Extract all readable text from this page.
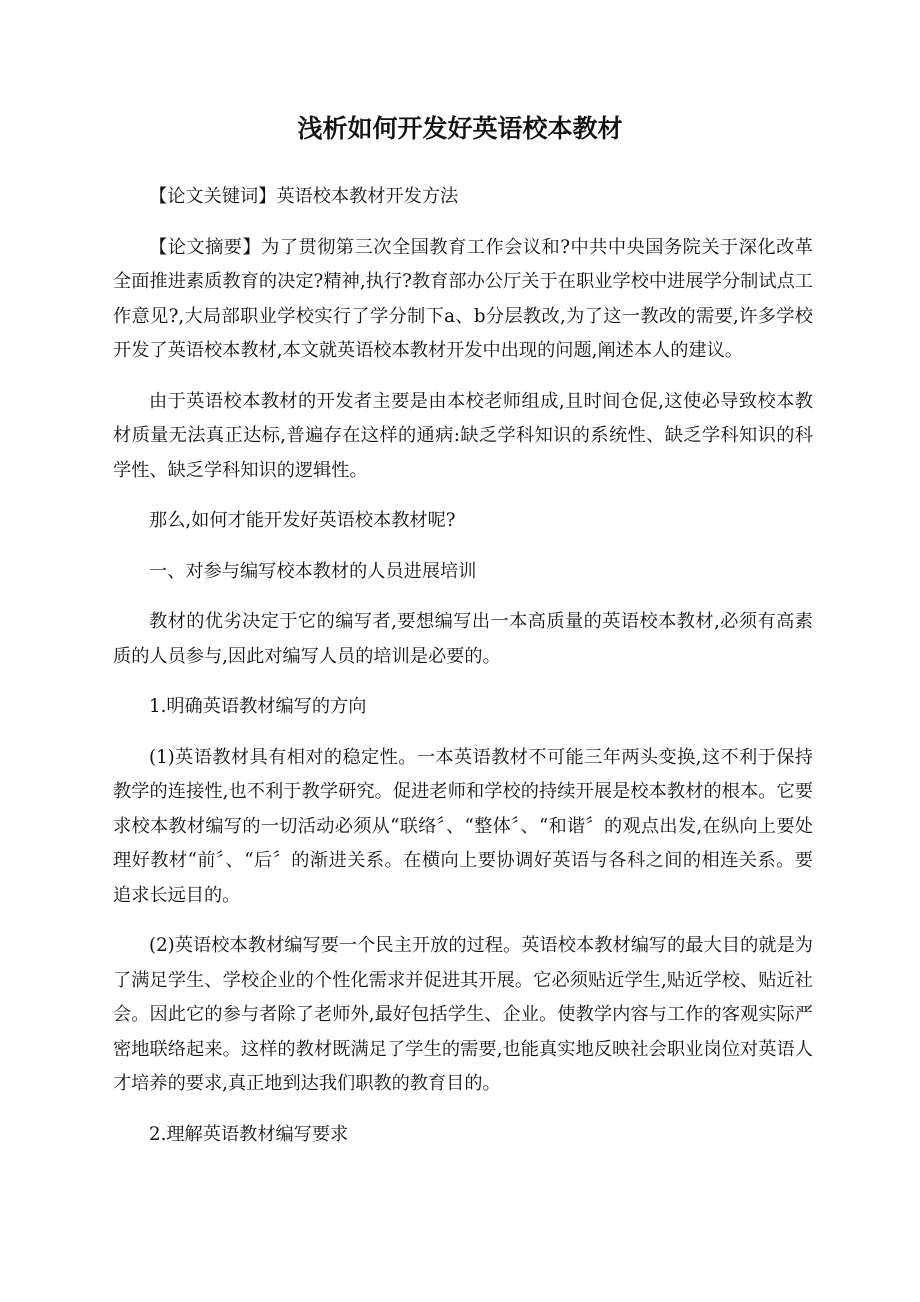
浅析如何开发好英语校本教材

【论文关键词】英语校本教材开发方法

【论文摘要】为了贯彻第三次全国教育工作会议和?中共中央国务院关于深化改革全面推进素质教育的决定?精神,执行?教育部办公厅关于在职业学校中进展学分制试点工作意见?,大局部职业学校实行了学分制下a、b分层教改,为了这一教改的需要,许多学校开发了英语校本教材,本文就英语校本教材开发中出现的问题,阐述本人的建议。

由于英语校本教材的开发者主要是由本校老师组成,且时间仓促,这使必导致校本教材质量无法真正达标,普遍存在这样的通病:缺乏学科知识的系统性、缺乏学科知识的科学性、缺乏学科知识的逻辑性。

那么,如何才能开发好英语校本教材呢?

一、对参与编写校本教材的人员进展培训

教材的优劣决定于它的编写者,要想编写出一本高质量的英语校本教材,必须有高素质的人员参与,因此对编写人员的培训是必要的。

1.明确英语教材编写的方向

(1)英语教材具有相对的稳定性。一本英语教材不可能三年两头变换,这不利于保持教学的连接性,也不利于教学研究。促进老师和学校的持续开展是校本教材的根本。它要求校本教材编写的一切活动必须从“联络〞、“整体〞、“和谐〞的观点出发,在纵向上要处理好教材“前〞、“后〞的渐进关系。在横向上要协调好英语与各科之间的相连关系。要追求长远目的。

(2)英语校本教材编写要一个民主开放的过程。英语校本教材编写的最大目的就是为了满足学生、学校企业的个性化需求并促进其开展。它必须贴近学生,贴近学校、贴近社会。因此它的参与者除了老师外,最好包括学生、企业。使教学内容与工作的客观实际严密地联络起来。这样的教材既满足了学生的需要,也能真实地反映社会职业岗位对英语人才培养的要求,真正地到达我们职教的教育目的。

2.理解英语教材编写要求
